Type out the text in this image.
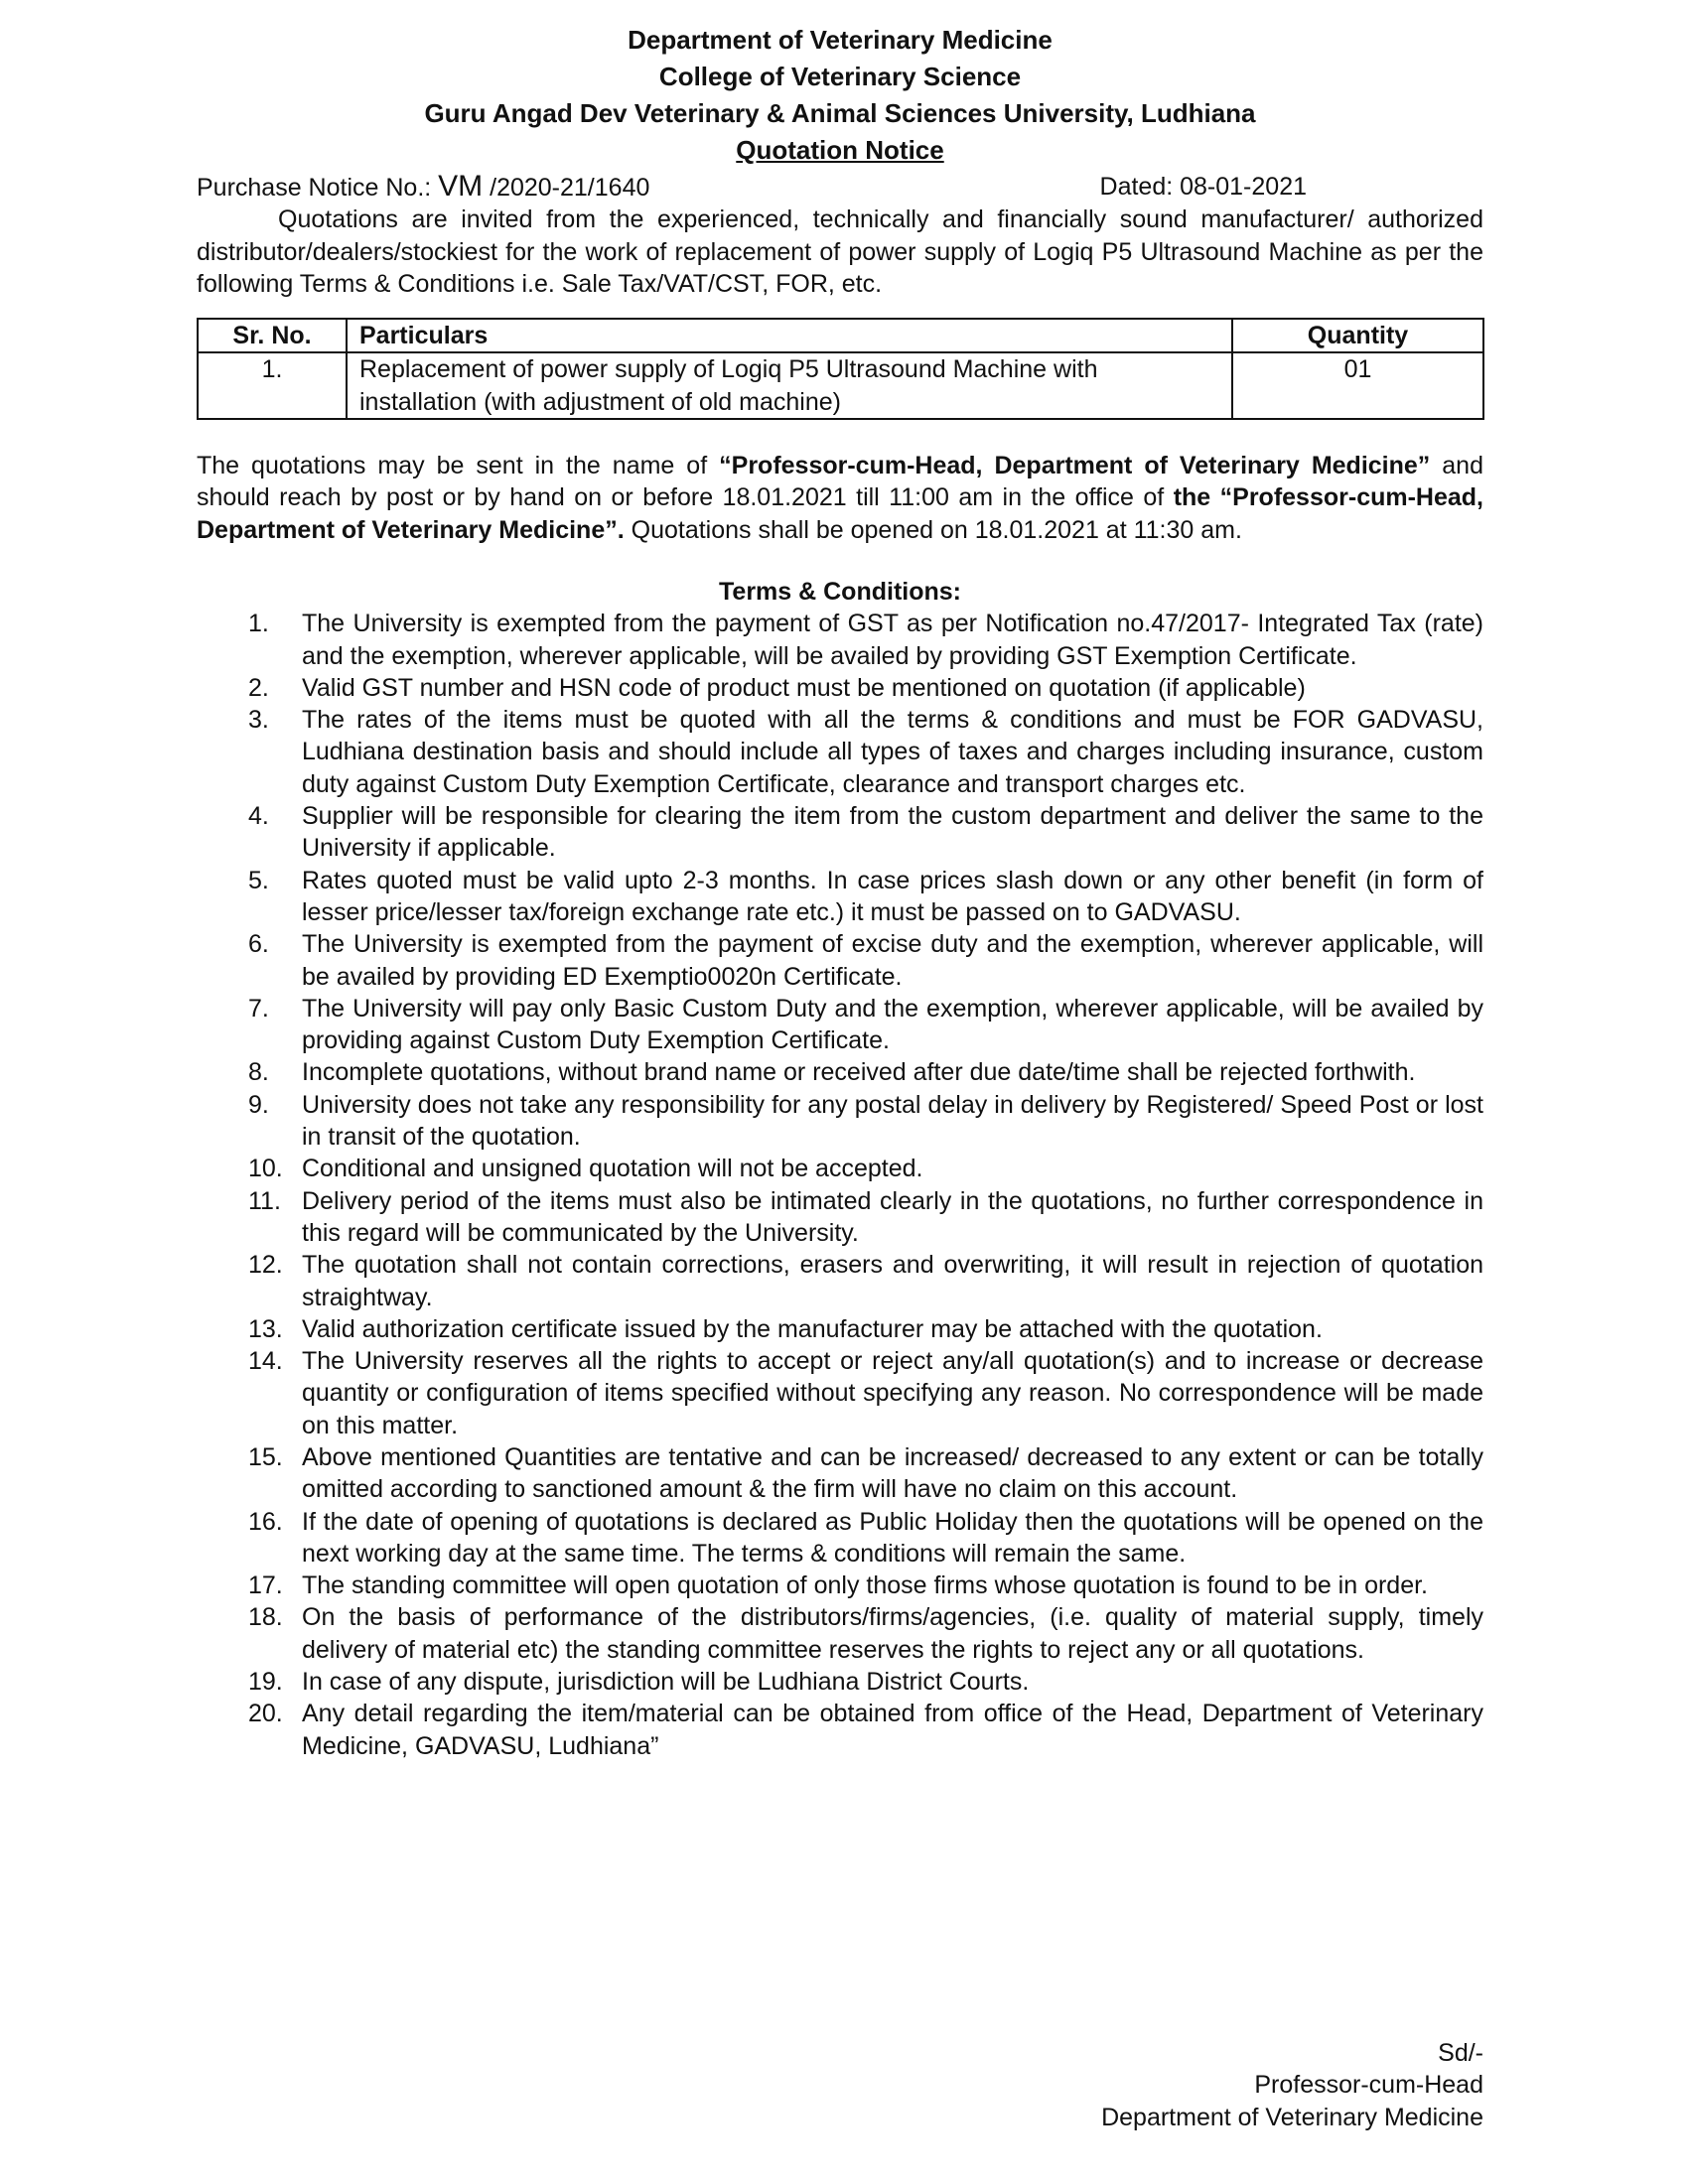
Department of Veterinary Medicine
College of Veterinary Science
Guru Angad Dev Veterinary & Animal Sciences University, Ludhiana
Quotation Notice
Purchase Notice No.: VM /2020-21/1640	Dated: 08-01-2021
Quotations are invited from the experienced, technically and financially sound manufacturer/ authorized distributor/dealers/stockiest for the work of replacement of power supply of Logiq P5 Ultrasound Machine as per the following Terms & Conditions i.e. Sale Tax/VAT/CST, FOR, etc.
Sr. No.	Particulars	Quantity
1.	Replacement of power supply of Logiq P5 Ultrasound Machine with installation (with adjustment of old machine)	01
The quotations may be sent in the name of “Professor-cum-Head, Department of Veterinary Medicine” and should reach by post or by hand on or before 18.01.2021 till 11:00 am in the office of the “Professor-cum-Head, Department of Veterinary Medicine”. Quotations shall be opened on 18.01.2021 at 11:30 am.
Terms & Conditions:
1. The University is exempted from the payment of GST as per Notification no.47/2017- Integrated Tax (rate) and the exemption, wherever applicable, will be availed by providing GST Exemption Certificate.
2. Valid GST number and HSN code of product must be mentioned on quotation (if applicable)
3. The rates of the items must be quoted with all the terms & conditions and must be FOR GADVASU, Ludhiana destination basis and should include all types of taxes and charges including insurance, custom duty against Custom Duty Exemption Certificate, clearance and transport charges etc.
4. Supplier will be responsible for clearing the item from the custom department and deliver the same to the University if applicable.
5. Rates quoted must be valid upto 2-3 months. In case prices slash down or any other benefit (in form of lesser price/lesser tax/foreign exchange rate etc.) it must be passed on to GADVASU.
6. The University is exempted from the payment of excise duty and the exemption, wherever applicable, will be availed by providing ED Exemptio0020n Certificate.
7. The University will pay only Basic Custom Duty and the exemption, wherever applicable, will be availed by providing against Custom Duty Exemption Certificate.
8. Incomplete quotations, without brand name or received after due date/time shall be rejected forthwith.
9. University does not take any responsibility for any postal delay in delivery by Registered/ Speed Post or lost in transit of the quotation.
10. Conditional and unsigned quotation will not be accepted.
11. Delivery period of the items must also be intimated clearly in the quotations, no further correspondence in this regard will be communicated by the University.
12. The quotation shall not contain corrections, erasers and overwriting, it will result in rejection of quotation straightway.
13. Valid authorization certificate issued by the manufacturer may be attached with the quotation.
14. The University reserves all the rights to accept or reject any/all quotation(s) and to increase or decrease quantity or configuration of items specified without specifying any reason. No correspondence will be made on this matter.
15. Above mentioned Quantities are tentative and can be increased/ decreased to any extent or can be totally omitted according to sanctioned amount & the firm will have no claim on this account.
16. If the date of opening of quotations is declared as Public Holiday then the quotations will be opened on the next working day at the same time. The terms & conditions will remain the same.
17. The standing committee will open quotation of only those firms whose quotation is found to be in order.
18. On the basis of performance of the distributors/firms/agencies, (i.e. quality of material supply, timely delivery of material etc) the standing committee reserves the rights to reject any or all quotations.
19. In case of any dispute, jurisdiction will be Ludhiana District Courts.
20. Any detail regarding the item/material can be obtained from office of the Head, Department of Veterinary Medicine, GADVASU, Ludhiana”
Sd/-
Professor-cum-Head
Department of Veterinary Medicine
